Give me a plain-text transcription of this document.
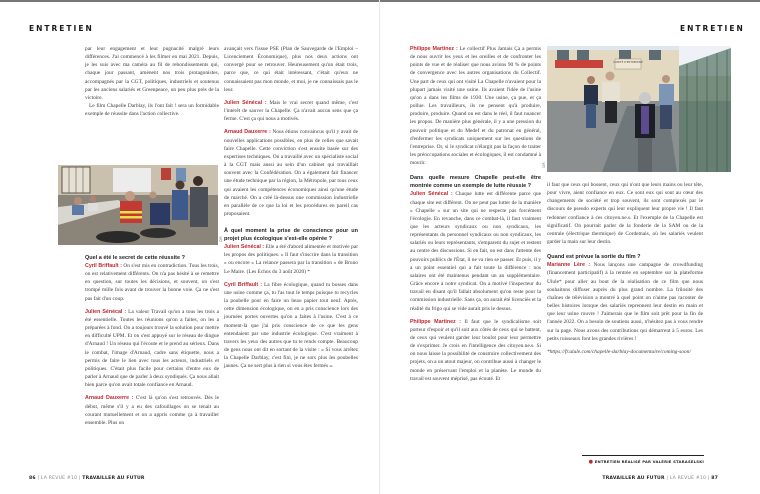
ENTRETIEN	ENTRETIEN

par leur engagement et leur pugnacité malgré leurs différences. J'ai commencé à les filmer en mai 2021. Depuis, je les suis avec ma caméra au fil de rebondissements qui, chaque jour passant, amènent nos trois protagonistes, accompagnés par la CGT, politiques, industriels et soutenus par les anciens salariés et Greenpeace, un peu plus près de la victoire.

Le film Chapelle Darblay, ils l'ont fait ! sera un formidable exemple de réussite dans l'action collective.

DR
Quel a été le secret de cette réussite ?

Cyril Briffault : On s'est mis en contradiction. Tous les trois, on est relativement différents. On n'a pas hésité à se remettre en question, sur toutes les décisions, et souvent, on s'est trompé mille fois avant de trouver la bonne voie. Ça ne s'est pas fait d'un coup.

Julien Sénécal : La valeur Travail qu'on a tous les trois a été essentielle. Toutes les réunions qu'on a faites, on les a préparées à fond. On a toujours trouvé la solution pour mettre en difficulté UPM. Et on s'est appuyé sur le réseau de dingue d'Arnaud ! Un réseau qui l'écoute et le prend au sérieux. Dans le combat, l'image d'Arnaud, cadre sans étiquette, nous a permis de faire le lien avec tous les acteurs, industriels et politiques. C'était plus facile pour certains d'entre eux de parler à Arnaud que de parler à deux syndiqués. Ça nous allait bien parce qu'on avait totale confiance en Arnaud.

Arnaud Dauxerre : C'est là qu'on s'est retrouvés. Dès le début, même s'il y a eu des cafouillages on se tenait au courant mutuellement et on a appris comme ça à travailler ensemble. Plus on

avançait vers l'issue PSE (Plan de Sauvegarde de l'Emploi – Licenciement Économique), plus nos deux actions ont convergé pour se retrouver. Heureusement qu'on était trois, parce que, ce qui était intéressant, c'était qu'eux ne connaissaient pas mon monde, et moi, je ne connaissais pas le leur.

Julien Sénécal : Mais le vrai secret quand même, c'est l'intérêt de sauver la Chapelle. Ça n'avait aucun sens que ça ferme. C'est ça qui nous a motivés.

Arnaud Dauxerre : Nous étions convaincus qu'il y avait de nouvelles applications possibles, en plus de celles que savait faire Chapelle. Cette conviction s'est ensuite basée sur des expertises techniques. On a travaillé avec un spécialiste social à la CGT mais aussi au sein d'un cabinet qui travaillait souvent avec la Confédération. On a également fait financer une étude technique par la région, la Métropole, par tous ceux qui avaient les compétences économiques ainsi qu'une étude de marché. On a créé là-dessus une commission industrielle en parallèle de ce que la loi et les procédures en pareil cas proposaient.

À quel moment la prise de conscience pour un projet plus écologique s'est-elle opérée ?

Julien Sénécal : Elle a été d'abord alimentée et motivée par les propos des politiques. « Il faut s'inscrire dans la transition » ou encore « La relance passera par la transition » de Bruno Le Maire. (Les Echos du 3 août 2020) *

Cyril Briffault : La fibre écologique, quand tu bosses dans une usine comme ça, tu l'as tout le temps puisque tu recycles la poubelle pour en faire un beau papier tout neuf. Après, cette dimension écologique, on en a pris conscience lors des journées portes ouvertes qu'on a faites à l'usine. C'est à ce moment-là que j'ai pris conscience de ce que les gens entendaient par une industrie écologique. C'est vraiment à travers les yeux des autres que tu te rends compte. Beaucoup de gens nous ont dit en sortant de la visite : « Si vous arrêtez la Chapelle Darblay, c'est fini, je ne sors plus les poubelles jaunes. Ça ne sert plus à rien si vous êtes fermés ».

Philippe Martinez : Le collectif Plus Jamais Ça a permis de nous ouvrir les yeux et les oreilles et de confronter les points de vue et de réaliser que nous avions 90 % de points de convergence avec les autres organisations du Collectif. Une part de ceux qui ont visité La Chapelle n'avaient pour la plupart jamais visité une usine. Ils avaient l'idée de l'usine qu'on a dans les films de 1930. Une usine, ça pue, et ça pollue. Les travailleurs, ils ne pensent qu'à produire, produire, produire. Quand on est dans le réel, il faut nuancer les propos. De manière plus générale, il y a une pression du pouvoir politique et du Medef et du patronat en général, d'enfermer les syndicats uniquement sur les questions de l'entreprise. Or, si le syndicat n'élargit pas la façon de traiter les préoccupations sociales et écologiques, il est condamné à mourir.

Dans quelle mesure Chapelle peut-elle être montrée comme un exemple de lutte réussie ?

Julien Sénécal : Chaque lutte est différente parce que chaque site est différent. On ne peut pas lutter de la manière « Chapelle » sur un site qui ne respecte pas forcément l'écologie. En revanche, dans ce combat-là, il faut vraiment que les acteurs syndicaux ou non syndicaux, les représentants du personnel syndicaux ou non syndicaux, les salariés ou leurs représentants, s'emparent du sujet et restent au centre des discussions. Si en fait, on est dans l'attente des pouvoirs publics de l'État, il ne va rien se passer. Et puis, il y a un point essentiel qui a fait toute la différence : nos salaires ont été maintenus pendant un an supplémentaire. Grâce encore à notre syndicat. On a motivé l'inspecteur du travail en disant qu'il fallait absolument qu'on reste pour la commission industrielle. Sans ça, on aurait été licenciés et la réalité du frigo qui se vide aurait pris le dessus.

Philippe Martinez : Il faut que le syndicalisme soit porteur d'espoir et qu'il soit aux côtés de ceux qui se battent, de ceux qui veulent garder leur boulot pour leur permettre de s'exprimer. Je crois en l'intelligence des citoyen.ne.s. Si on nous laisse la possibilité de construire collectivement des projets, on a un atout majeur, on contribue aussi à changer le monde en préservant l'emploi et la planète. Le monde du travail est souvent méprisé, pas écouté. Et

COMITÉ D'ENTREPRISE
DR

il faut que ceux qui bossent, ceux qui n'ont que leurs mains ou leur tête, pour vivre, aient confiance en eux. Ce sont eux qui sont au cœur des changements de société et trop souvent, ils sont complexés par le discours de pseudo experts qui leur expliquent leur propre vie ! Il faut redonner confiance à ces citoyen.ne.s. Et l'exemple de la Chapelle est significatif. On pourrait parler de la fonderie de la SAM ou de la centrale (électrique thermique) de Cordemais, où les salariés veulent garder la main sur leur destin.

Quand est prévue la sortie du film ?

Marianne Lère : Nous lançons une campagne de crowdfunding (financement participatif) à la rentrée en septembre sur la plateforme Ulule* pour aller au bout de la réalisation de ce film que nous souhaitons diffuser auprès du plus grand nombre. La frilosité des chaînes de télévision a montré à quel point on n'aime pas raconter de belles histoires lorsque des salariés reprennent leur destin en main et que leur usine rouvre ! J'aimerais que le film soit prêt pour la fin de l'année 2022. On a besoin de soutiens aussi, n'hésitez pas à vous rendre sur la page. Nous avons des contributions qui démarrent à 5 euros. Les petits ruisseaux font les grandes rivières !

*https://fr.ulule.com/chapelle-darblay-documentaire/coming-soon/

● ENTRETIEN RÉALISÉ PAR VALÉRIE STARASELSKI
86 | LA REVUE #10 | TRAVAILLER AU FUTUR	TRAVAILLER AU FUTUR | LA REVUE #10 | 87
